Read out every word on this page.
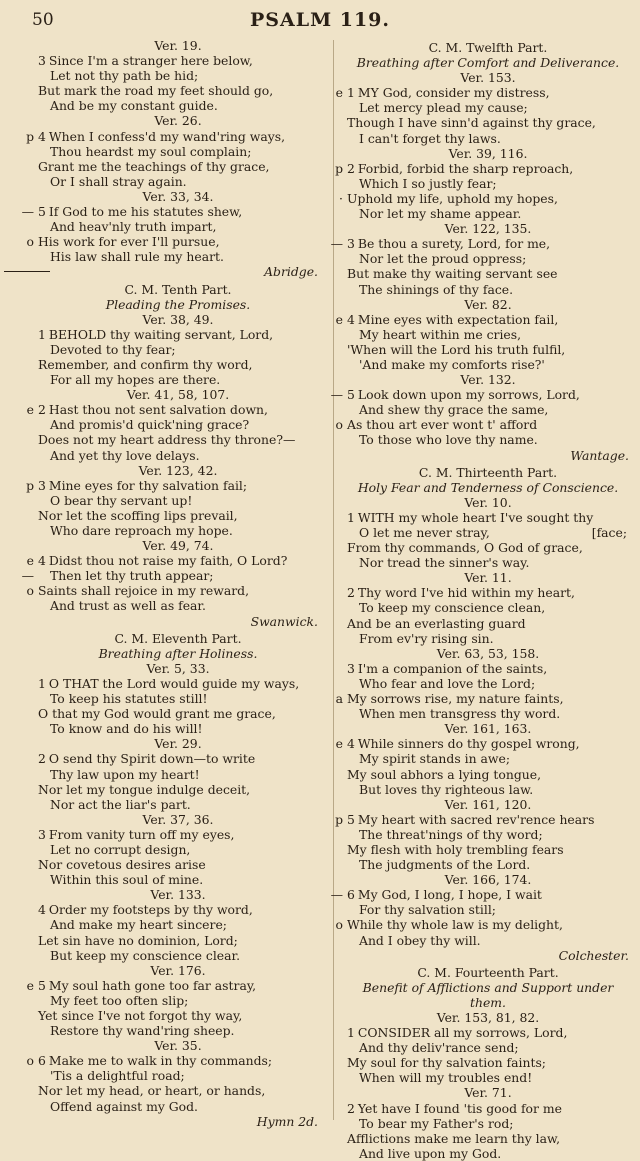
50	PSALM 119.
Ver. 19.
3 Since I'm a stranger here below,
Let not thy path be hid;
But mark the road my feet should go,
And be my constant guide.
Ver. 26.
p 4 When I confess'd my wand'ring ways,
Thou heardst my soul complain;
Grant me the teachings of thy grace,
Or I shall stray again.
Ver. 33, 34.
— 5 If God to me his statutes shew,
And heav'nly truth impart,
o His work for ever I'll pursue,
His law shall rule my heart.
Abridge.
C. M. Tenth Part.
Pleading the Promises.
Ver. 38, 49.
1 BEHOLD thy waiting servant, Lord,
Devoted to thy fear;
Remember, and confirm thy word,
For all my hopes are there.
Ver. 41, 58, 107.
e 2 Hast thou not sent salvation down,
And promis'd quick'ning grace?
Does not my heart address thy throne?—
And yet thy love delays.
Ver. 123, 42.
p 3 Mine eyes for thy salvation fail;
O bear thy servant up!
Nor let the scoffing lips prevail,
Who dare reproach my hope.
Ver. 49, 74.
e 4 Didst thou not raise my faith, O Lord?
— Then let thy truth appear;
o Saints shall rejoice in my reward,
And trust as well as fear.
Swanwick.
C. M. Eleventh Part.
Breathing after Holiness.
Ver. 5, 33.
1 O THAT the Lord would guide my ways,
To keep his statutes still!
O that my God would grant me grace,
To know and do his will!
Ver. 29.
2 O send thy Spirit down—to write
Thy law upon my heart!
Nor let my tongue indulge deceit,
Nor act the liar's part.
Ver. 37, 36.
3 From vanity turn off my eyes,
Let no corrupt design,
Nor covetous desires arise
Within this soul of mine.
Ver. 133.
4 Order my footsteps by thy word,
And make my heart sincere;
Let sin have no dominion, Lord;
But keep my conscience clear.
Ver. 176.
e 5 My soul hath gone too far astray,
My feet too often slip;
Yet since I've not forgot thy way,
Restore thy wand'ring sheep.
Ver. 35.
o 6 Make me to walk in thy commands;
'Tis a delightful road;
Nor let my head, or heart, or hands,
Offend against my God.
Hymn 2d.
C. M. Twelfth Part.
Breathing after Comfort and Deliverance.
Ver. 153.
e 1 MY God, consider my distress,
Let mercy plead my cause;
Though I have sinn'd against thy grace,
I can't forget thy laws.
Ver. 39, 116.
p 2 Forbid, forbid the sharp reproach,
Which I so justly fear;
· Uphold my life, uphold my hopes,
Nor let my shame appear.
Ver. 122, 135.
— 3 Be thou a surety, Lord, for me,
Nor let the proud oppress;
But make thy waiting servant see
The shinings of thy face.
Ver. 82.
e 4 Mine eyes with expectation fail,
My heart within me cries,
'When will the Lord his truth fulfil,
'And make my comforts rise?'
Ver. 132.
— 5 Look down upon my sorrows, Lord,
And shew thy grace the same,
o As thou art ever wont t' afford
To those who love thy name.
Wantage.
C. M. Thirteenth Part.
Holy Fear and Tenderness of Conscience.
Ver. 10.
1 WITH my whole heart I've sought thy
O let me never stray,	[face;
From thy commands, O God of grace,
Nor tread the sinner's way.
Ver. 11.
2 Thy word I've hid within my heart,
To keep my conscience clean,
And be an everlasting guard
From ev'ry rising sin.
Ver. 63, 53, 158.
3 I'm a companion of the saints,
Who fear and love the Lord;
a My sorrows rise, my nature faints,
When men transgress thy word.
Ver. 161, 163.
e 4 While sinners do thy gospel wrong,
My spirit stands in awe;
My soul abhors a lying tongue,
But loves thy righteous law.
Ver. 161, 120.
p 5 My heart with sacred rev'rence hears
The threat'nings of thy word;
My flesh with holy trembling fears
The judgments of the Lord.
Ver. 166, 174.
— 6 My God, I long, I hope, I wait
For thy salvation still;
o While thy whole law is my delight,
And I obey thy will.
Colchester.
C. M. Fourteenth Part.
Benefit of Afflictions and Support under them.
Ver. 153, 81, 82.
1 CONSIDER all my sorrows, Lord,
And thy deliv'rance send;
My soul for thy salvation faints;
When will my troubles end!
Ver. 71.
2 Yet have I found 'tis good for me
To bear my Father's rod;
Afflictions make me learn thy law,
And live upon my God.
